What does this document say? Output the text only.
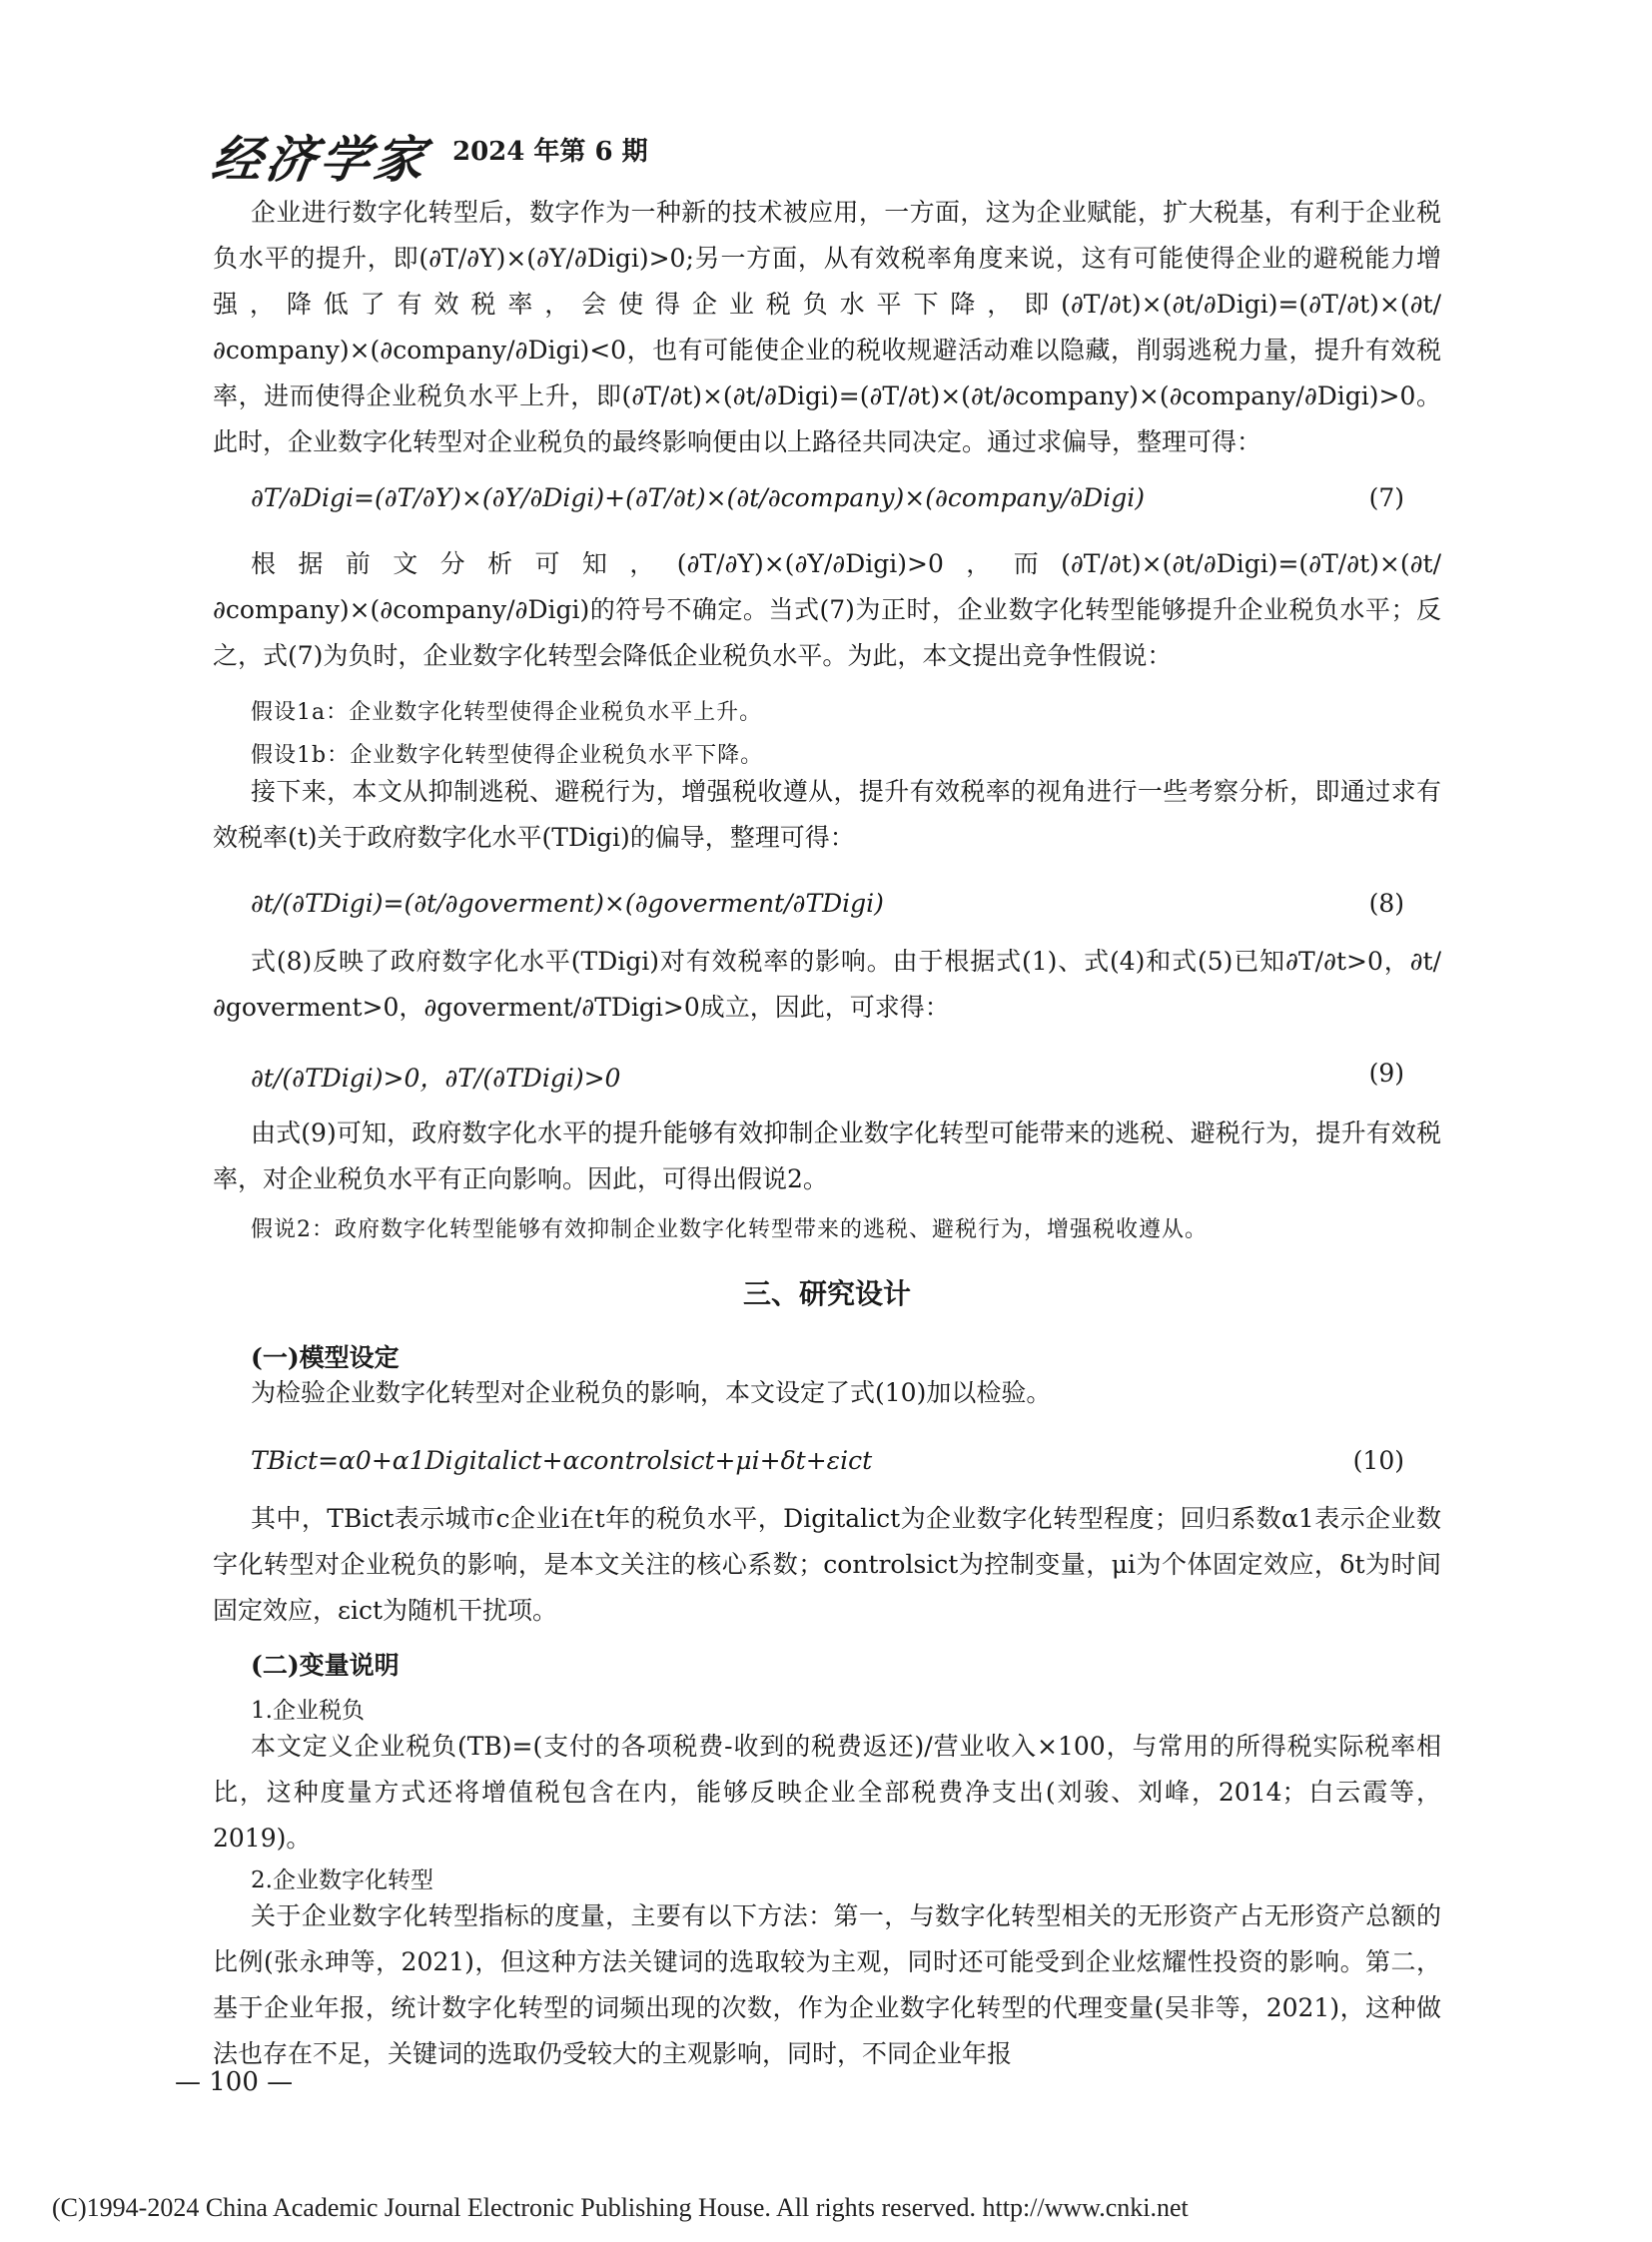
经济学家 2024 年第 6 期

企业进行数字化转型后，数字作为一种新的技术被应用，一方面，这为企业赋能，扩大税基，有利于企业税负水平的提升，即(∂T/∂Y)×(∂Y/∂Digi)>0;另一方面，从有效税率角度来说，这有可能使得企业的避税能力增强，降低了有效税率，会使得企业税负水平下降，即(∂T/∂t)×(∂t/∂Digi)=(∂T/∂t)×(∂t/∂company)×(∂company/∂Digi)<0，也有可能使企业的税收规避活动难以隐藏，削弱逃税力量，提升有效税率，进而使得企业税负水平上升，即(∂T/∂t)×(∂t/∂Digi)=(∂T/∂t)×(∂t/∂company)×(∂company/∂Digi)>0。此时，企业数字化转型对企业税负的最终影响便由以上路径共同决定。通过求偏导，整理可得：

∂T/∂Digi=(∂T/∂Y)×(∂Y/∂Digi)+(∂T/∂t)×(∂t/∂company)×(∂company/∂Digi)	(7)

根据前文分析可知，(∂T/∂Y)×(∂Y/∂Digi)>0，而(∂T/∂t)×(∂t/∂Digi)=(∂T/∂t)×(∂t/∂company)×(∂company/∂Digi)的符号不确定。当式(7)为正时，企业数字化转型能够提升企业税负水平；反之，式(7)为负时，企业数字化转型会降低企业税负水平。为此，本文提出竞争性假说：

假设1a：企业数字化转型使得企业税负水平上升。
假设1b：企业数字化转型使得企业税负水平下降。

接下来，本文从抑制逃税、避税行为，增强税收遵从，提升有效税率的视角进行一些考察分析，即通过求有效税率(t)关于政府数字化水平(TDigi)的偏导，整理可得：

∂t/(∂TDigi)=(∂t/∂goverment)×(∂goverment/∂TDigi)	(8)

式(8)反映了政府数字化水平(TDigi)对有效税率的影响。由于根据式(1)、式(4)和式(5)已知∂T/∂t>0，∂t/∂goverment>0，∂goverment/∂TDigi>0成立，因此，可求得：

∂t/(∂TDigi)>0，∂T/(∂TDigi)>0	(9)

由式(9)可知，政府数字化水平的提升能够有效抑制企业数字化转型可能带来的逃税、避税行为，提升有效税率，对企业税负水平有正向影响。因此，可得出假说2。

假说2：政府数字化转型能够有效抑制企业数字化转型带来的逃税、避税行为，增强税收遵从。
三、研究设计
(一)模型设定

为检验企业数字化转型对企业税负的影响，本文设定了式(10)加以检验。

TBict=α0+α1Digitalict+αcontrolsict+μi+δt+εict	(10)

其中，TBict表示城市c企业i在t年的税负水平，Digitalict为企业数字化转型程度；回归系数α1表示企业数字化转型对企业税负的影响，是本文关注的核心系数；controlsict为控制变量，μi为个体固定效应，δt为时间固定效应，εict为随机干扰项。

(二)变量说明
1.企业税负

本文定义企业税负(TB)=(支付的各项税费-收到的税费返还)/营业收入×100，与常用的所得税实际税率相比，这种度量方式还将增值税包含在内，能够反映企业全部税费净支出(刘骏、刘峰，2014；白云霞等，2019)。

2.企业数字化转型

关于企业数字化转型指标的度量，主要有以下方法：第一，与数字化转型相关的无形资产占无形资产总额的比例(张永珅等，2021)，但这种方法关键词的选取较为主观，同时还可能受到企业炫耀性投资的影响。第二，基于企业年报，统计数字化转型的词频出现的次数，作为企业数字化转型的代理变量(吴非等，2021)，这种做法也存在不足，关键词的选取仍受较大的主观影响，同时，不同企业年报

— 100 —
(C)1994-2024 China Academic Journal Electronic Publishing House. All rights reserved. http://www.cnki.net
